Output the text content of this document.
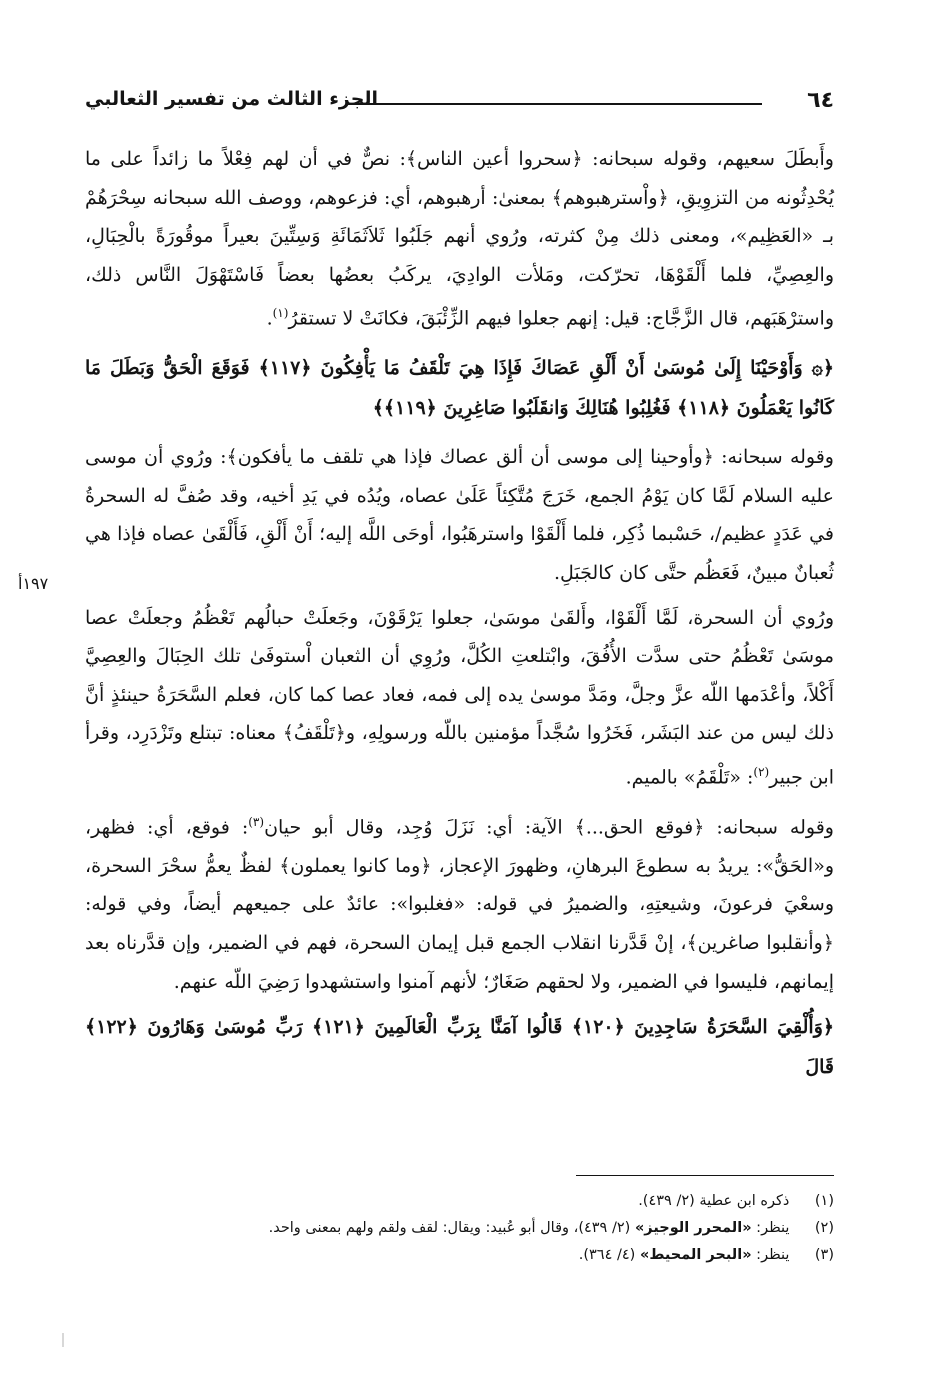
٦٤
الجزء الثالث من تفسير الثعالبي
١٩٧أ

وأَبطَلَ سعيهم، وقوله سبحانه: ﴿سحروا أعين الناس﴾: نصٌّ في أن لهم فِعْلاً ما زائداً على ما يُحْدِثُونه من التزوِيقِ، ﴿واْسترهبوهم﴾ بمعنىٰ: أرهبوهم، أي: فزعوهم، ووصف الله سبحانه سِحْرَهُمْ بـ «العَظِيم»، ومعنى ذلك مِنْ كثرته، ورُوي أنهم جَلَبُوا ثَلاَثَمَائَةِ وَسِتِّينَ بعيراً موقُورَةً بالْحِبَالِ، والعِصِيِّ، فلما أَلْقَوْهَا، تحرّكت، ومَلأت الوادِيَ، يركَبُ بعضُها بعضاً فَاسْتَهْوَلَ النَّاس ذلك، واسترْهَبَهم، قال الزَّجَّاج: قيل: إنهم جعلوا فيهم الزِّئْبَقَ، فكانَتْ لا تستقرُ$^{(١)}$.

﴿۞ وَأَوْحَيْنَا إِلَىٰ مُوسَىٰ أَنْ أَلْقِ عَصَاكَ فَإِذَا هِيَ تَلْقَفُ مَا يَأْفِكُونَ ﴿١١٧﴾ فَوَقَعَ الْحَقُّ وَبَطَلَ مَا كَانُوا يَعْمَلُونَ ﴿١١٨﴾ فَغُلِبُوا هُنَالِكَ وَانقَلَبُوا صَاغِرِينَ ﴿١١٩﴾﴾

وقوله سبحانه: ﴿وأوحينا إلى موسى أن ألق عصاك فإذا هي تلقف ما يأفكون﴾: ورُوي أن موسى عليه السلام لَمَّا كان يَوْمُ الجمع، خَرَجَ مُتَّكِئاً عَلَىٰ عصاه، ويُدُه في يَدِ أخيه، وقد صُفَّ له السحرةُ في عَدَدٍ عظيم/، حَسْبما ذُكِر، فلما أَلْقَوْا واسترهَبُوا، أوحَى اللَّه إليه؛ أَنْ أَلْقِ، فَأَلْقَىٰ عصاه فإذا هي ثُعبانٌ مبينٌ، فَعَظُم حتَّى كان كالجَبَلِ.

ورُوي أن السحرة، لَمَّا أَلْقَوْا، وأَلقَىٰ موسَىٰ، جعلوا يَرْقَوْنَ، وجَعلَتْ حبالُهم تَعْظُمُ وجعلَتْ عصا موسَىٰ تَعْظُمُ حتى سدَّت الأُفُقَ، وابْتلعتِ الكُلَّ، ورُوِي أن الثعبان اْستوفَىٰ تلك الحِبَالَ والعِصِيَّ أَكْلاً، وأعْدَمها اللّه عزَّ وجلَّ، ومَدَّ موسىٰ يده إلى فمه، فعاد عصا كما كان، فعلم السَّحَرَةُ حينئذٍ أنَّ ذلك ليس من عند البَشَر، فَخَرُوا سُجَّداً مؤمنين باللّه ورسولِهِ، و﴿تَلْقَفُ﴾ معناه: تبتلع وتَزْدَرِد، وقرأ ابن جبير$^{(٢)}$: «تَلْقَمُ» بالميم.

وقوله سبحانه: ﴿فوقع الحق...﴾ الآية: أي: نَزَلَ وُجِد، وقال أبو حيان$^{(٣)}$: فوقع، أي: فظهر، و«الحَقُّ»: يريدُ به سطوعَ البرهانِ، وظهورَ الإعجاز، ﴿وما كانوا يعملون﴾ لفظٌ يعمُّ سحْرَ السحرة، وسعْيَ فرعونَ، وشيعتِهِ، والضميرُ في قوله: «فغلبوا»: عائدٌ على جميعهم أيضاً، وفي قوله: ﴿وأنقلبوا صاغرين﴾، إنْ قَدَّرنا انقلاب الجمع قبل إيمان السحرة، فهم في الضمير، وإن قدَّرناه بعد إيمانهم، فليسوا في الضمير، ولا لحقهم صَغَارٌ؛ لأنهم آمنوا واستشهدوا رَضِيَ اللّه عنهم.

﴿وَأُلْقِيَ السَّحَرَةُ سَاجِدِينَ ﴿١٢٠﴾ قَالُوا آمَنَّا بِرَبِّ الْعَالَمِينَ ﴿١٢١﴾ رَبِّ مُوسَىٰ وَهَارُونَ ﴿١٢٢﴾ قَالَ

(١) ذكره ابن عطية (٢/ ٤٣٩).
(٢) ينظر: «المحرر الوجيز» (٢/ ٤٣٩)، وقال أبو عُبيد: ويقال: لقف ولقم ولهم بمعنى واحد.
(٣) ينظر: «البحر المحيط» (٤/ ٣٦٤).
